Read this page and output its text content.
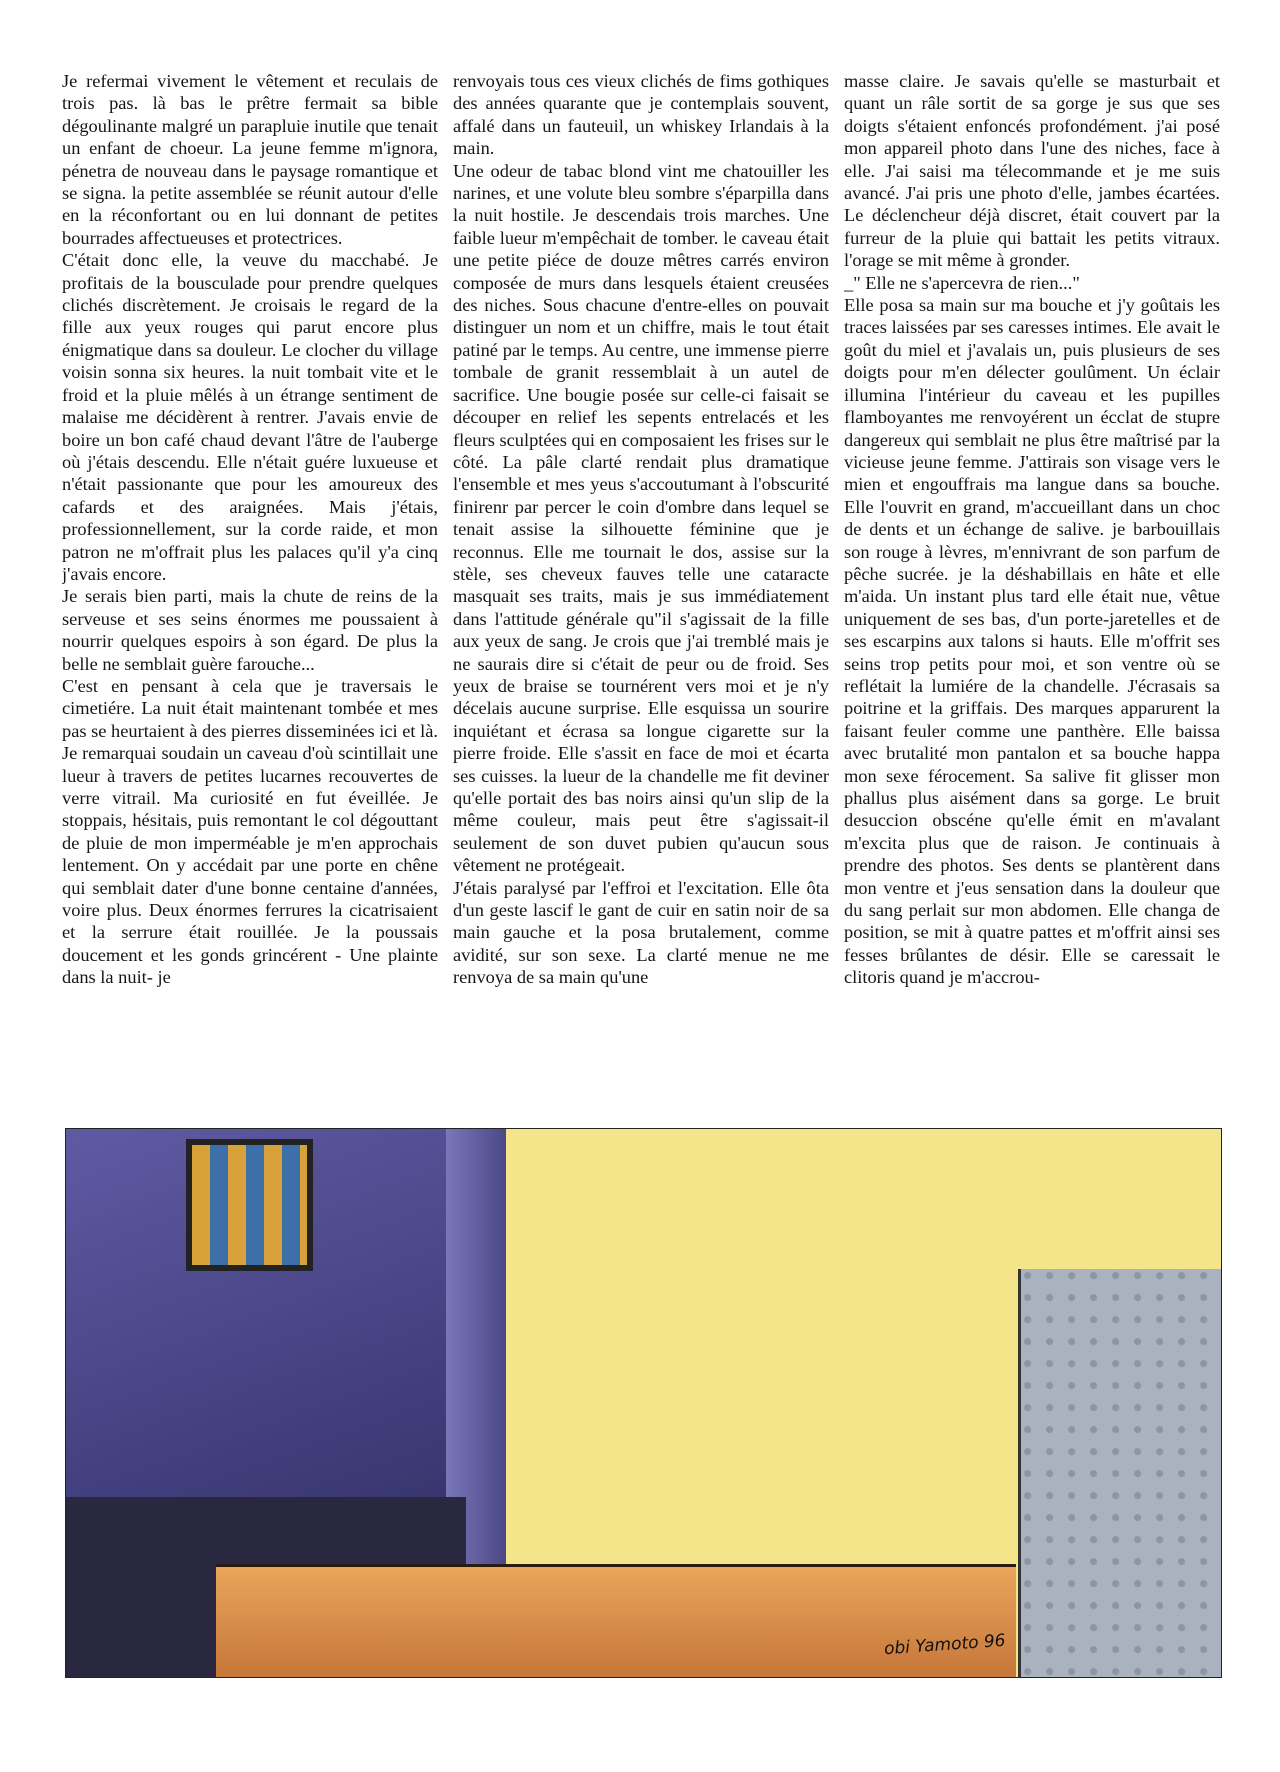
Je refermai vivement le vêtement et reculais de trois pas. là bas le prêtre fermait sa bible dégoulinante malgré un parapluie inutile que tenait un enfant de choeur. La jeune femme m'ignora, pénetra de nouveau dans le paysage romantique et se signa. la petite assemblée se réunit autour d'elle en la réconfortant ou en lui donnant de petites bourrades affectueuses et protectrices.

C'était donc elle, la veuve du macchabé. Je profitais de la bousculade pour prendre quelques clichés discrètement. Je croisais le regard de la fille aux yeux rouges qui parut encore plus énigmatique dans sa douleur. Le clocher du village voisin sonna six heures. la nuit tombait vite et le froid et la pluie mêlés à un étrange sentiment de malaise me décidèrent à rentrer. J'avais envie de boire un bon café chaud devant l'âtre de l'auberge où j'étais descendu. Elle n'était guére luxueuse et n'était passionante que pour les amoureux des cafards et des araignées. Mais j'étais, professionnellement, sur la corde raide, et mon patron ne m'offrait plus les palaces qu'il y'a cinq j'avais encore.

Je serais bien parti, mais la chute de reins de la serveuse et ses seins énormes me poussaient à nourrir quelques espoirs à son égard. De plus la belle ne semblait guère farouche...

C'est en pensant à cela que je traversais le cimetiére. La nuit était maintenant tombée et mes pas se heurtaient à des pierres disseminées ici et là. Je remarquai soudain un caveau d'où scintillait une lueur à travers de petites lucarnes recouvertes de verre vitrail. Ma curiosité en fut éveillée. Je stoppais, hésitais, puis remontant le col dégouttant de pluie de mon imperméable je m'en approchais lentement. On y accédait par une porte en chêne qui semblait dater d'une bonne centaine d'années, voire plus. Deux énormes ferrures la cicatrisaient et la serrure était rouillée. Je la poussais doucement et les gonds grincérent - Une plainte dans la nuit- je

renvoyais tous ces vieux clichés de fims gothiques des années quarante que je contemplais souvent, affalé dans un fauteuil, un whiskey Irlandais à la main.

Une odeur de tabac blond vint me chatouiller les narines, et une volute bleu sombre s'éparpilla dans la nuit hostile. Je descendais trois marches. Une faible lueur m'empêchait de tomber. le caveau était une petite piéce de douze mêtres carrés environ composée de murs dans lesquels étaient creusées des niches. Sous chacune d'entre-elles on pouvait distinguer un nom et un chiffre, mais le tout était patiné par le temps. Au centre, une immense pierre tombale de granit ressemblait à un autel de sacrifice. Une bougie posée sur celle-ci faisait se découper en relief les sepents entrelacés et les fleurs sculptées qui en composaient les frises sur le côté. La pâle clarté rendait plus dramatique l'ensemble et mes yeus s'accoutumant à l'obscurité finirenr par percer le coin d'ombre dans lequel se tenait assise la silhouette féminine que je reconnus. Elle me tournait le dos, assise sur la stèle, ses cheveux fauves telle une cataracte masquait ses traits, mais je sus immédiatement dans l'attitude générale qu"il s'agissait de la fille aux yeux de sang. Je crois que j'ai tremblé mais je ne saurais dire si c'était de peur ou de froid. Ses yeux de braise se tournérent vers moi et je n'y décelais aucune surprise. Elle esquissa un sourire inquiétant et écrasa sa longue cigarette sur la pierre froide. Elle s'assit en face de moi et écarta ses cuisses. la lueur de la chandelle me fit deviner qu'elle portait des bas noirs ainsi qu'un slip de la même couleur, mais peut être s'agissait-il seulement de son duvet pubien qu'aucun sous vêtement ne protégeait.

J'étais paralysé par l'effroi et l'excitation. Elle ôta d'un geste lascif le gant de cuir en satin noir de sa main gauche et la posa brutalement, comme avidité, sur son sexe. La clarté menue ne me renvoya de sa main qu'une

masse claire. Je savais qu'elle se masturbait et quant un râle sortit de sa gorge je sus que ses doigts s'étaient enfoncés profondément. j'ai posé mon appareil photo dans l'une des niches, face à elle. J'ai saisi ma télecommande et je me suis avancé. J'ai pris une photo d'elle, jambes écartées. Le déclencheur déjà discret, était couvert par la furreur de la pluie qui battait les petits vitraux. l'orage se mit même à gronder.

_" Elle ne s'apercevra de rien..."

Elle posa sa main sur ma bouche et j'y goûtais les traces laissées par ses caresses intimes. Ele avait le goût du miel et j'avalais un, puis plusieurs de ses doigts pour m'en délecter goulûment. Un éclair illumina l'intérieur du caveau et les pupilles flamboyantes me renvoyérent un écclat de stupre dangereux qui semblait ne plus être maîtrisé par la vicieuse jeune femme. J'attirais son visage vers le mien et engouffrais ma langue dans sa bouche. Elle l'ouvrit en grand, m'accueillant dans un choc de dents et un échange de salive. je barbouillais son rouge à lèvres, m'ennivrant de son parfum de pêche sucrée. je la déshabillais en hâte et elle m'aida. Un instant plus tard elle était nue, vêtue uniquement de ses bas, d'un porte-jaretelles et de ses escarpins aux talons si hauts. Elle m'offrit ses seins trop petits pour moi, et son ventre où se reflétait la lumiére de la chandelle. J'écrasais sa poitrine et la griffais. Des marques apparurent la faisant feuler comme une panthère. Elle baissa avec brutalité mon pantalon et sa bouche happa mon sexe férocement. Sa salive fit glisser mon phallus plus aisément dans sa gorge. Le bruit desuccion obscéne qu'elle émit en m'avalant m'excita plus que de raison. Je continuais à prendre des photos. Ses dents se plantèrent dans mon ventre et j'eus sensation dans la douleur que du sang perlait sur mon abdomen. Elle changa de position, se mit à quatre pattes et m'offrit ainsi ses fesses brûlantes de désir. Elle se caressait le clitoris quand je m'accrou-

obi Yamoto 96
